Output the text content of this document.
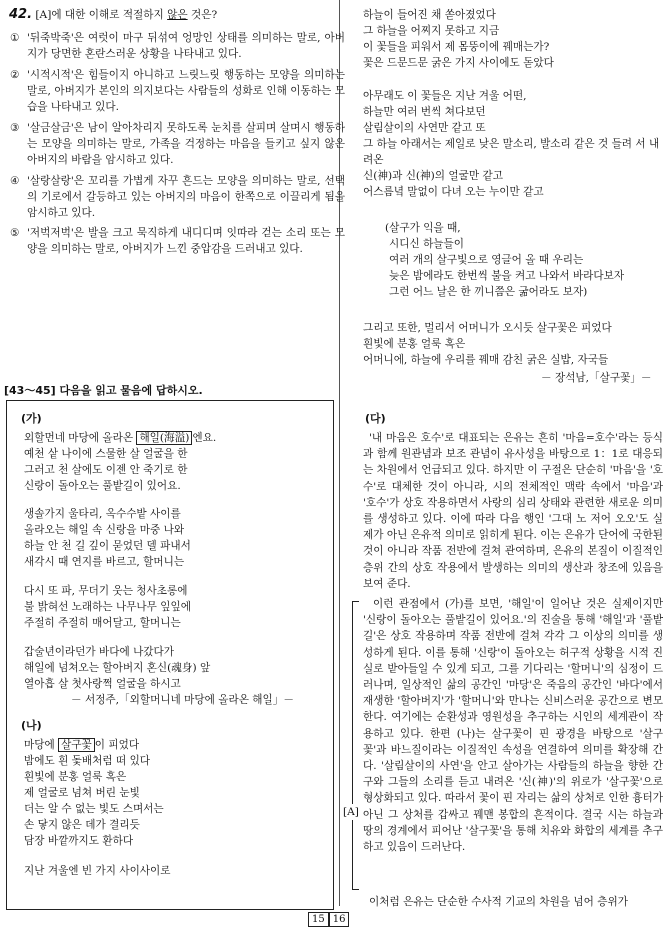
42. [A]에 대한 이해로 적절하지 않은 것은?
① '뒤죽박죽'은 여럿이 마구 뒤섞여 엉망인 상태를 의미하는 말로, 아버지가 당면한 혼란스러운 상황을 나타내고 있다.
② '시적시적'은 힘들이지 아니하고 느릿느릿 행동하는 모양을 의미하는 말로, 아버지가 본인의 의지보다는 사람들의 성화로 인해 이동하는 모습을 나타내고 있다.
③ '살금살금'은 남이 알아차리지 못하도록 눈치를 살피며 살며시 행동하는 모양을 의미하는 말로, 가족을 걱정하는 마음을 들키고 싶지 않은 아버지의 바람을 암시하고 있다.
④ '살랑살랑'은 꼬리를 가볍게 자꾸 흔드는 모양을 의미하는 말로, 선택의 기로에서 갈등하고 있는 아버지의 마음이 한쪽으로 이끌리게 됨을 암시하고 있다.
⑤ '저벅저벅'은 발을 크고 묵직하게 내디디며 잇따라 걷는 소리 또는 모양을 의미하는 말로, 아버지가 느낀 중압감을 드러내고 있다.
[43～45] 다음을 읽고 물음에 답하시오.
(가)
외할먼네 마당에 올라온 해일(海溢) 엔요.
예천 샅 나이에 스물한 살 얼굴을 한
그러고 천 살에도 이젠 안 죽기로 한
신랑이 돌아오는 풀밭길이 있어요.
생솔가지 울타리, 옥수수밭 사이를
올라오는 해일 속 신랑을 마중 나와
하늘 안 천 길 깊이 묻었던 델 파내서
새각시 때 연지를 바르고, 할머니는
다시 또 파, 무더기 웃는 청사초롱에
불 밝혀선 노래하는 나무나무 잎잎에
주절히 주절히 매어달고, 할머니는
갑술년이라던가 바다에 나갔다가
해일에 넘쳐오는 할아버지 혼신(魂身) 앞
열아흡 살 첫사랑쩍 얼굴을 하시고
－ 서정주,「외할머니네 마당에 올라온 해일」－
(나)
마당에 살구꽃 이 피었다
밤에도 흰 돛배처럼 떠 있다
흰빛에 분홍 얼룩 혹은
제 얼굴로 넘쳐 버린 눈빛
더는 알 수 없는 빛도 스며서는
손 닿지 않은 데가 결리듯
담장 바깥까지도 환하다
지난 겨울엔 빈 가지 사이사이로
하늘이 들어진 채 쏟아졌었다
그 하늘을 어찌지 못하고 지금
이 꽃들을 피워서 제 몸뚱이에 꿰매는가?
꽃은 드문드문 굵은 가지 사이에도 돋았다
아무래도 이 꽃들은 지난 겨울 어떤,
하늘만 여러 번씩 쳐다보던
살림살이의 사연만 같고 또
그 하늘 아래서는 제일로 낮은 말소리, 발소리 같은 것 들려 서 내려온
신(神)과 신(神)의 얼굴만 같고
어스름녘 말없이 다녀 오는 누이만 같고
(살구가 익을 때,
시디신 하늘들이
여러 개의 살구빛으로 영글어 올 때 우리는
늦은 밤에라도 한번씩 불을 켜고 나와서 바라다보자
그런 어느 날은 한 끼니쯤은 굶어라도 보자)
그리고 또한, 멀리서 어머니가 오시듯 살구꽃은 피었다
흰빛에 분홍 얼룩 혹은
어머니에, 하늘에 우리를 꿰매 감친 굵은 실밥, 자국들
－ 장석남,「살구꽃」－
(다)
'내 마음은 호수'로 대표되는 은유는 흔히 '마음=호수'라는 등식과 함께 원관념과 보조 관념이 유사성을 바탕으로 1：1로 대응되는 차원에서 언급되고 있다. 하지만 이 구절은 단순히 '마음'을 '호수'로 대체한 것이 아니라, 시의 전체적인 맥락 속에서 '마음'과 '호수'가 상호 작용하면서 사랑의 심리 상태와 관련한 새로운 의미를 생성하고 있다. 이에 따라 다음 행인 '그대 노 저어 오오'도 실제가 아닌 은유적 의미로 읽히게 된다. 이는 은유가 단어에 국한된 것이 아니라 작품 전반에 걸쳐 관여하며, 은유의 본질이 이질적인 층위 간의 상호 작용에서 발생하는 의미의 생산과 창조에 있음을 보여 준다.
[A]
이런 관점에서 (가)를 보면, '해일'이 일어난 것은 실제이지만 '신랑이 돌아오는 풀밭길이 있어요.'의 진술을 통해 '해일'과 '풀밭길'은 상호 작용하며 작품 전반에 걸쳐 각각 그 이상의 의미를 생성하게 된다. 이를 통해 '신랑'이 돌아오는 허구적 상황을 시적 진실로 받아들일 수 있게 되고, 그를 기다리는 '할머니'의 심정이 드러나며, 일상적인 삶의 공간인 '마당'은 죽음의 공간인 '바다'에서 재생한 '할아버지'가 '할머니'와 만나는 신비스러운 공간으로 변모한다. 여기에는 순환성과 영원성을 추구하는 시인의 세계관이 작용하고 있다. 한편 (나)는 살구꽃이 핀 광경을 바탕으로 '살구꽃'과 바느질이라는 이질적인 속성을 연결하여 의미를 확장해 간다. '살림살이의 사연'을 안고 살아가는 사람들의 하늘을 향한 간구와 그들의 소리를 듣고 내려온 '신(神)'의 위로가 '살구꽃'으로 형상화되고 있다. 따라서 꽃이 핀 자리는 삶의 상처로 인한 흉터가 아닌 그 상처를 갑싸고 꿰맨 봉합의 흔적이다. 결국 시는 하늘과 땅의 경계에서 피어난 '살구꽃'을 통해 치유와 화합의 세계를 추구하고 있음이 드러난다.
이처럼 은유는 단순한 수사적 기교의 차원을 넘어 층위가
15 16
